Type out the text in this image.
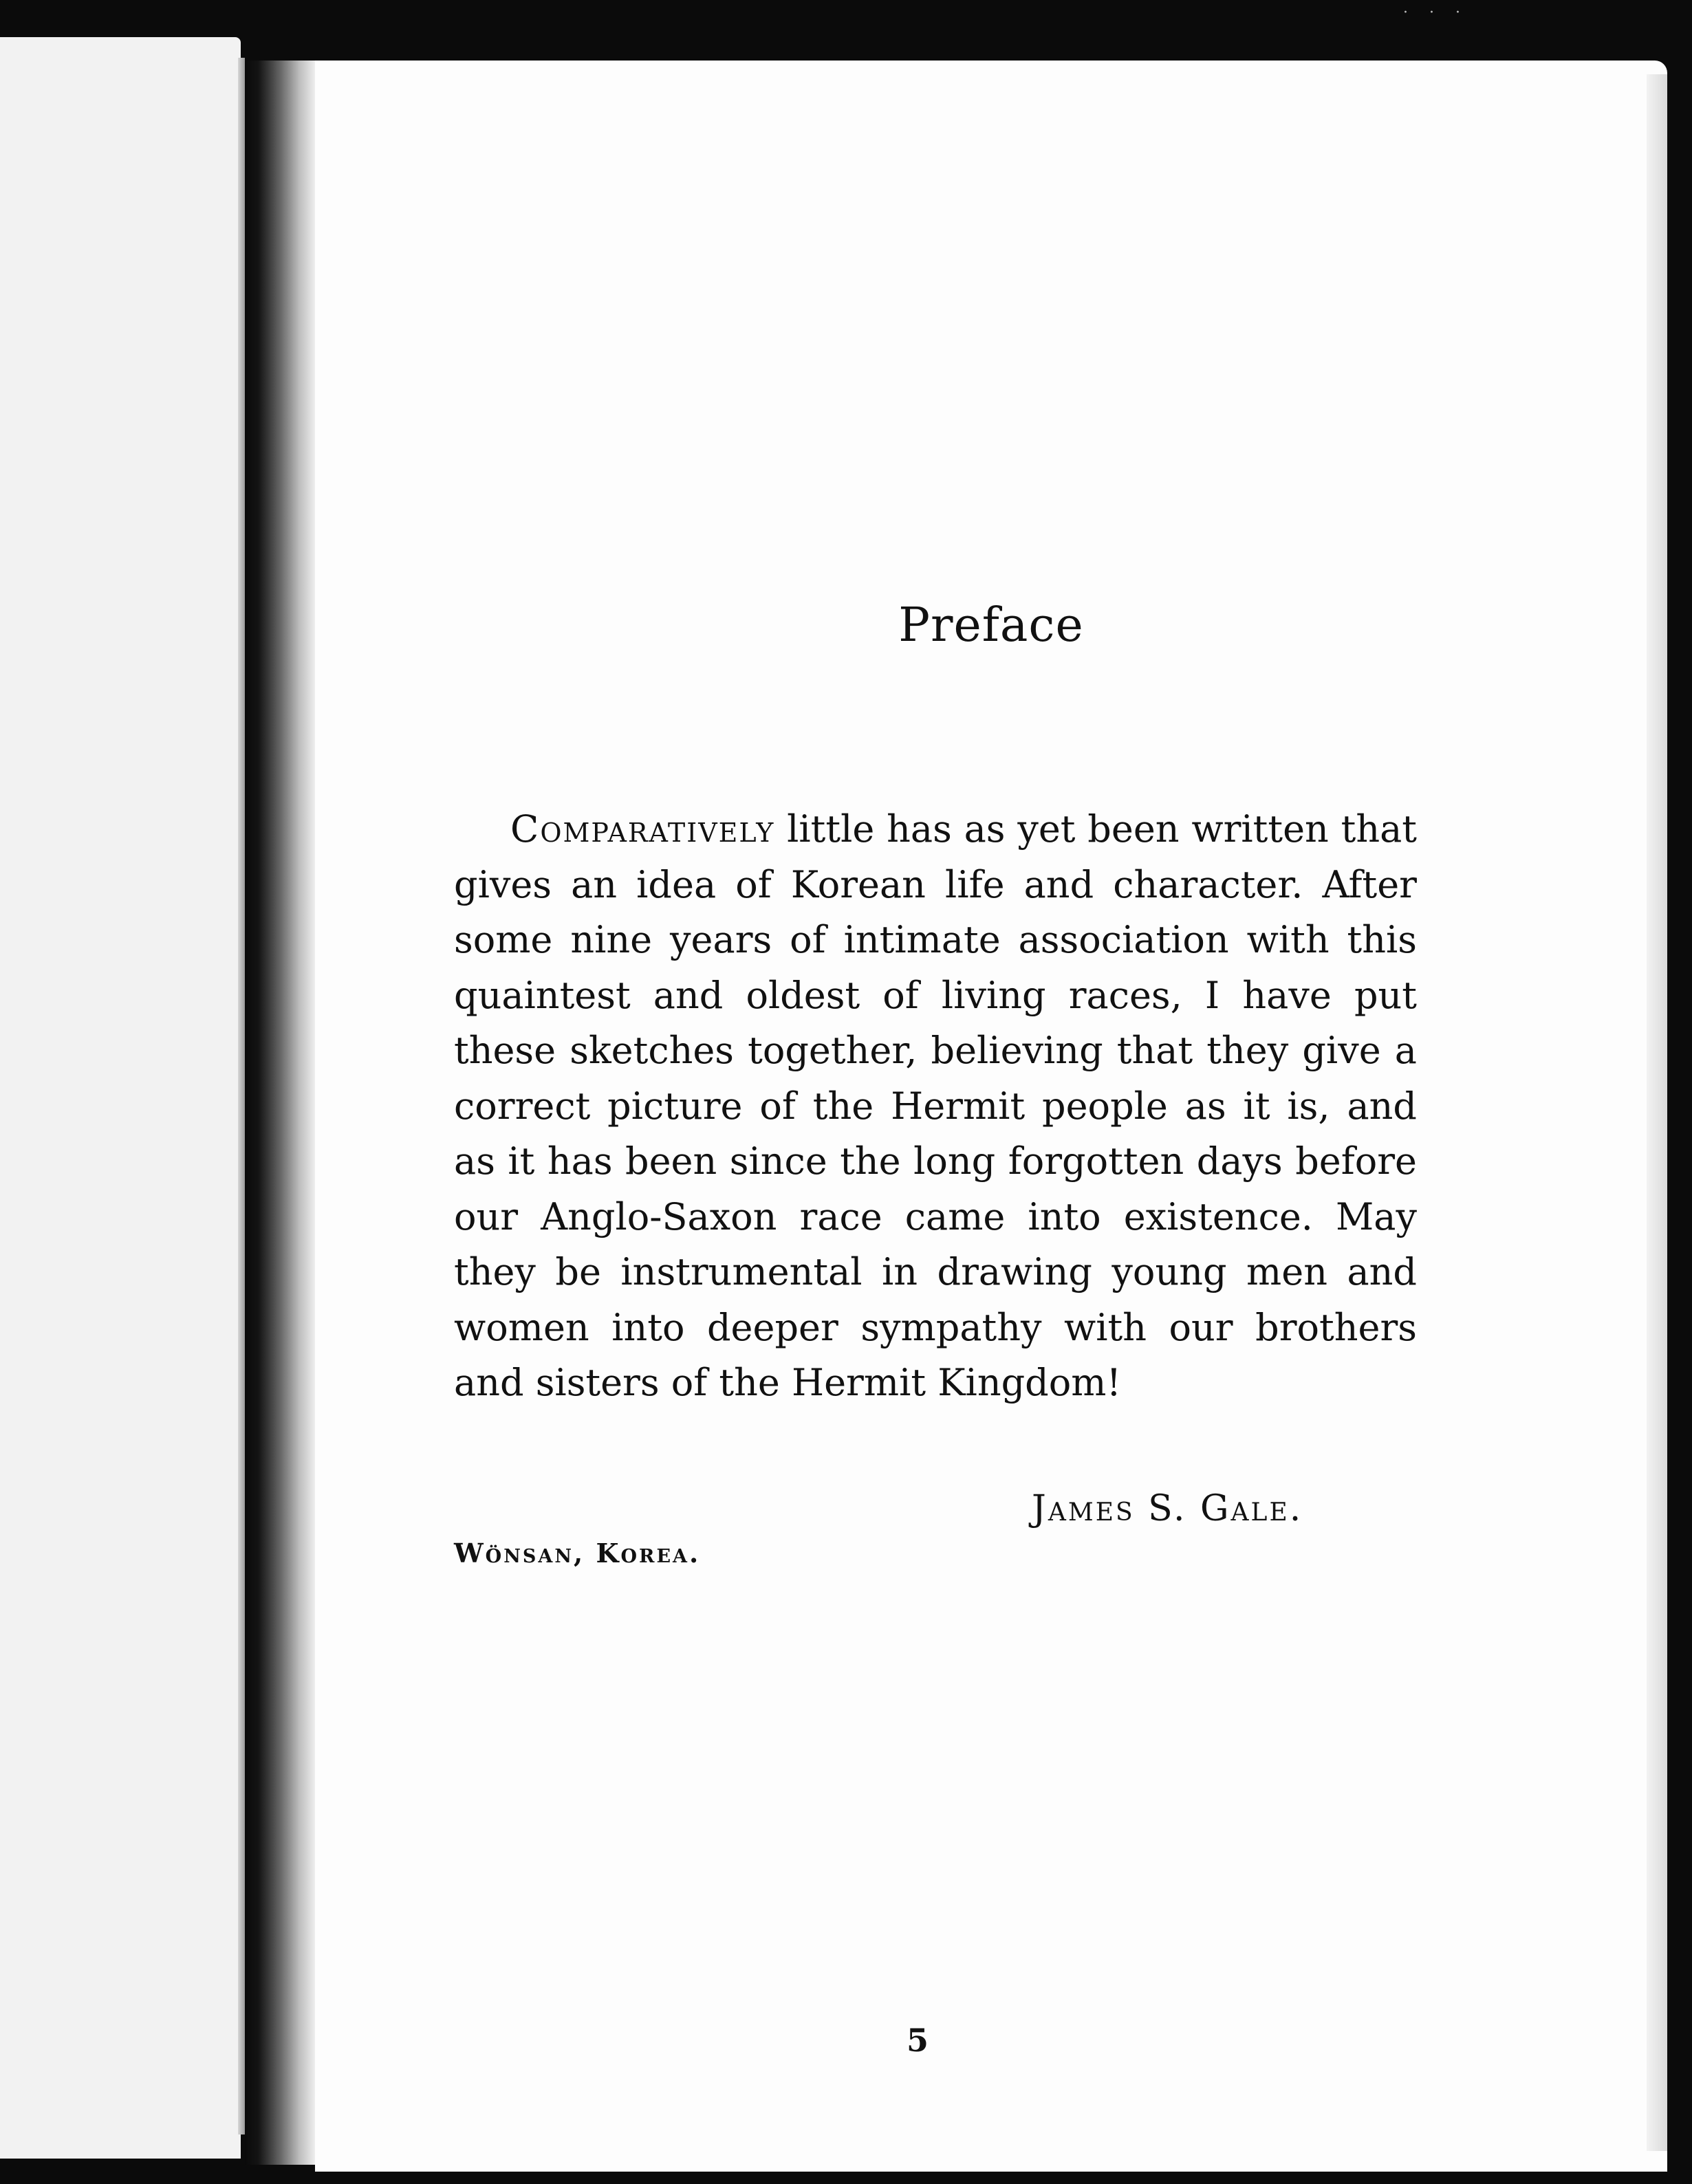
· · ·
Preface

Comparatively little has as yet been written that gives an idea of Korean life and character. After some nine years of intimate association with this quaintest and oldest of living races, I have put these sketches together, believing that they give a correct picture of the Hermit people as it is, and as it has been since the long forgotten days before our Anglo-Saxon race came into existence. May they be instrumental in drawing young men and women into deeper sympathy with our brothers and sisters of the Hermit Kingdom!

James S. Gale.

Wönsan, Korea.

5
